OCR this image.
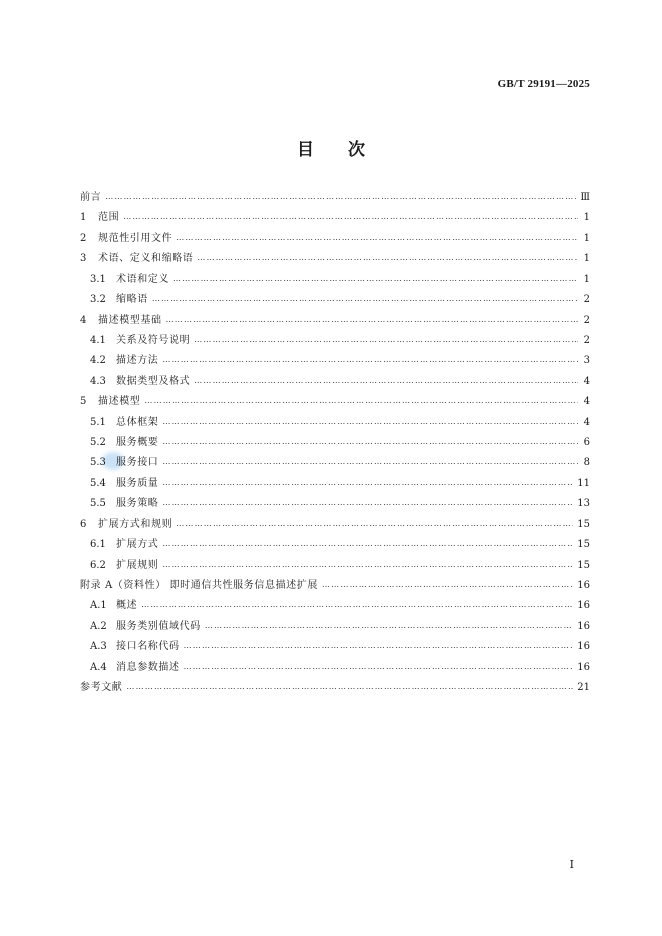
GB/T 29191—2025
目 次
前言 ……………………………………………………………………………………………………………………………………………………………………………………………………………	Ⅲ
1	范围 ……………………………………………………………………………………………………………………………………………………………………………………………………………	1
2	规范性引用文件 ……………………………………………………………………………………………………………………………………………………………………………………………………………	1
3	术语、定义和缩略语 ……………………………………………………………………………………………………………………………………………………………………………………………………………	1
3.1	术语和定义 ……………………………………………………………………………………………………………………………………………………………………………………………………………	1
3.2	缩略语 ……………………………………………………………………………………………………………………………………………………………………………………………………………	2
4	描述模型基础 ……………………………………………………………………………………………………………………………………………………………………………………………………………	2
4.1	关系及符号说明 ……………………………………………………………………………………………………………………………………………………………………………………………………………	2
4.2	描述方法 ……………………………………………………………………………………………………………………………………………………………………………………………………………	3
4.3	数据类型及格式 ……………………………………………………………………………………………………………………………………………………………………………………………………………	4
5	描述模型 ……………………………………………………………………………………………………………………………………………………………………………………………………………	4
5.1	总体框架 ……………………………………………………………………………………………………………………………………………………………………………………………………………	4
5.2	服务概要 ……………………………………………………………………………………………………………………………………………………………………………………………………………	6
5.3	服务接口 ……………………………………………………………………………………………………………………………………………………………………………………………………………	8
5.4	服务质量 ……………………………………………………………………………………………………………………………………………………………………………………………………………	11
5.5	服务策略 ……………………………………………………………………………………………………………………………………………………………………………………………………………	13
6	扩展方式和规则 ……………………………………………………………………………………………………………………………………………………………………………………………………………	15
6.1	扩展方式 ……………………………………………………………………………………………………………………………………………………………………………………………………………	15
6.2	扩展规则 ……………………………………………………………………………………………………………………………………………………………………………………………………………	15
附录 A（资料性） 即时通信共性服务信息描述扩展 ……………………………………………………………………………………………………………………………………………………………………………………………………………	16
A.1 概述 ……………………………………………………………………………………………………………………………………………………………………………………………………………	16
A.2 服务类别值域代码 ……………………………………………………………………………………………………………………………………………………………………………………………………………	16
A.3 接口名称代码 ……………………………………………………………………………………………………………………………………………………………………………………………………………	16
A.4 消息参数描述 ……………………………………………………………………………………………………………………………………………………………………………………………………………	16
参考文献 ……………………………………………………………………………………………………………………………………………………………………………………………………………	21
I
